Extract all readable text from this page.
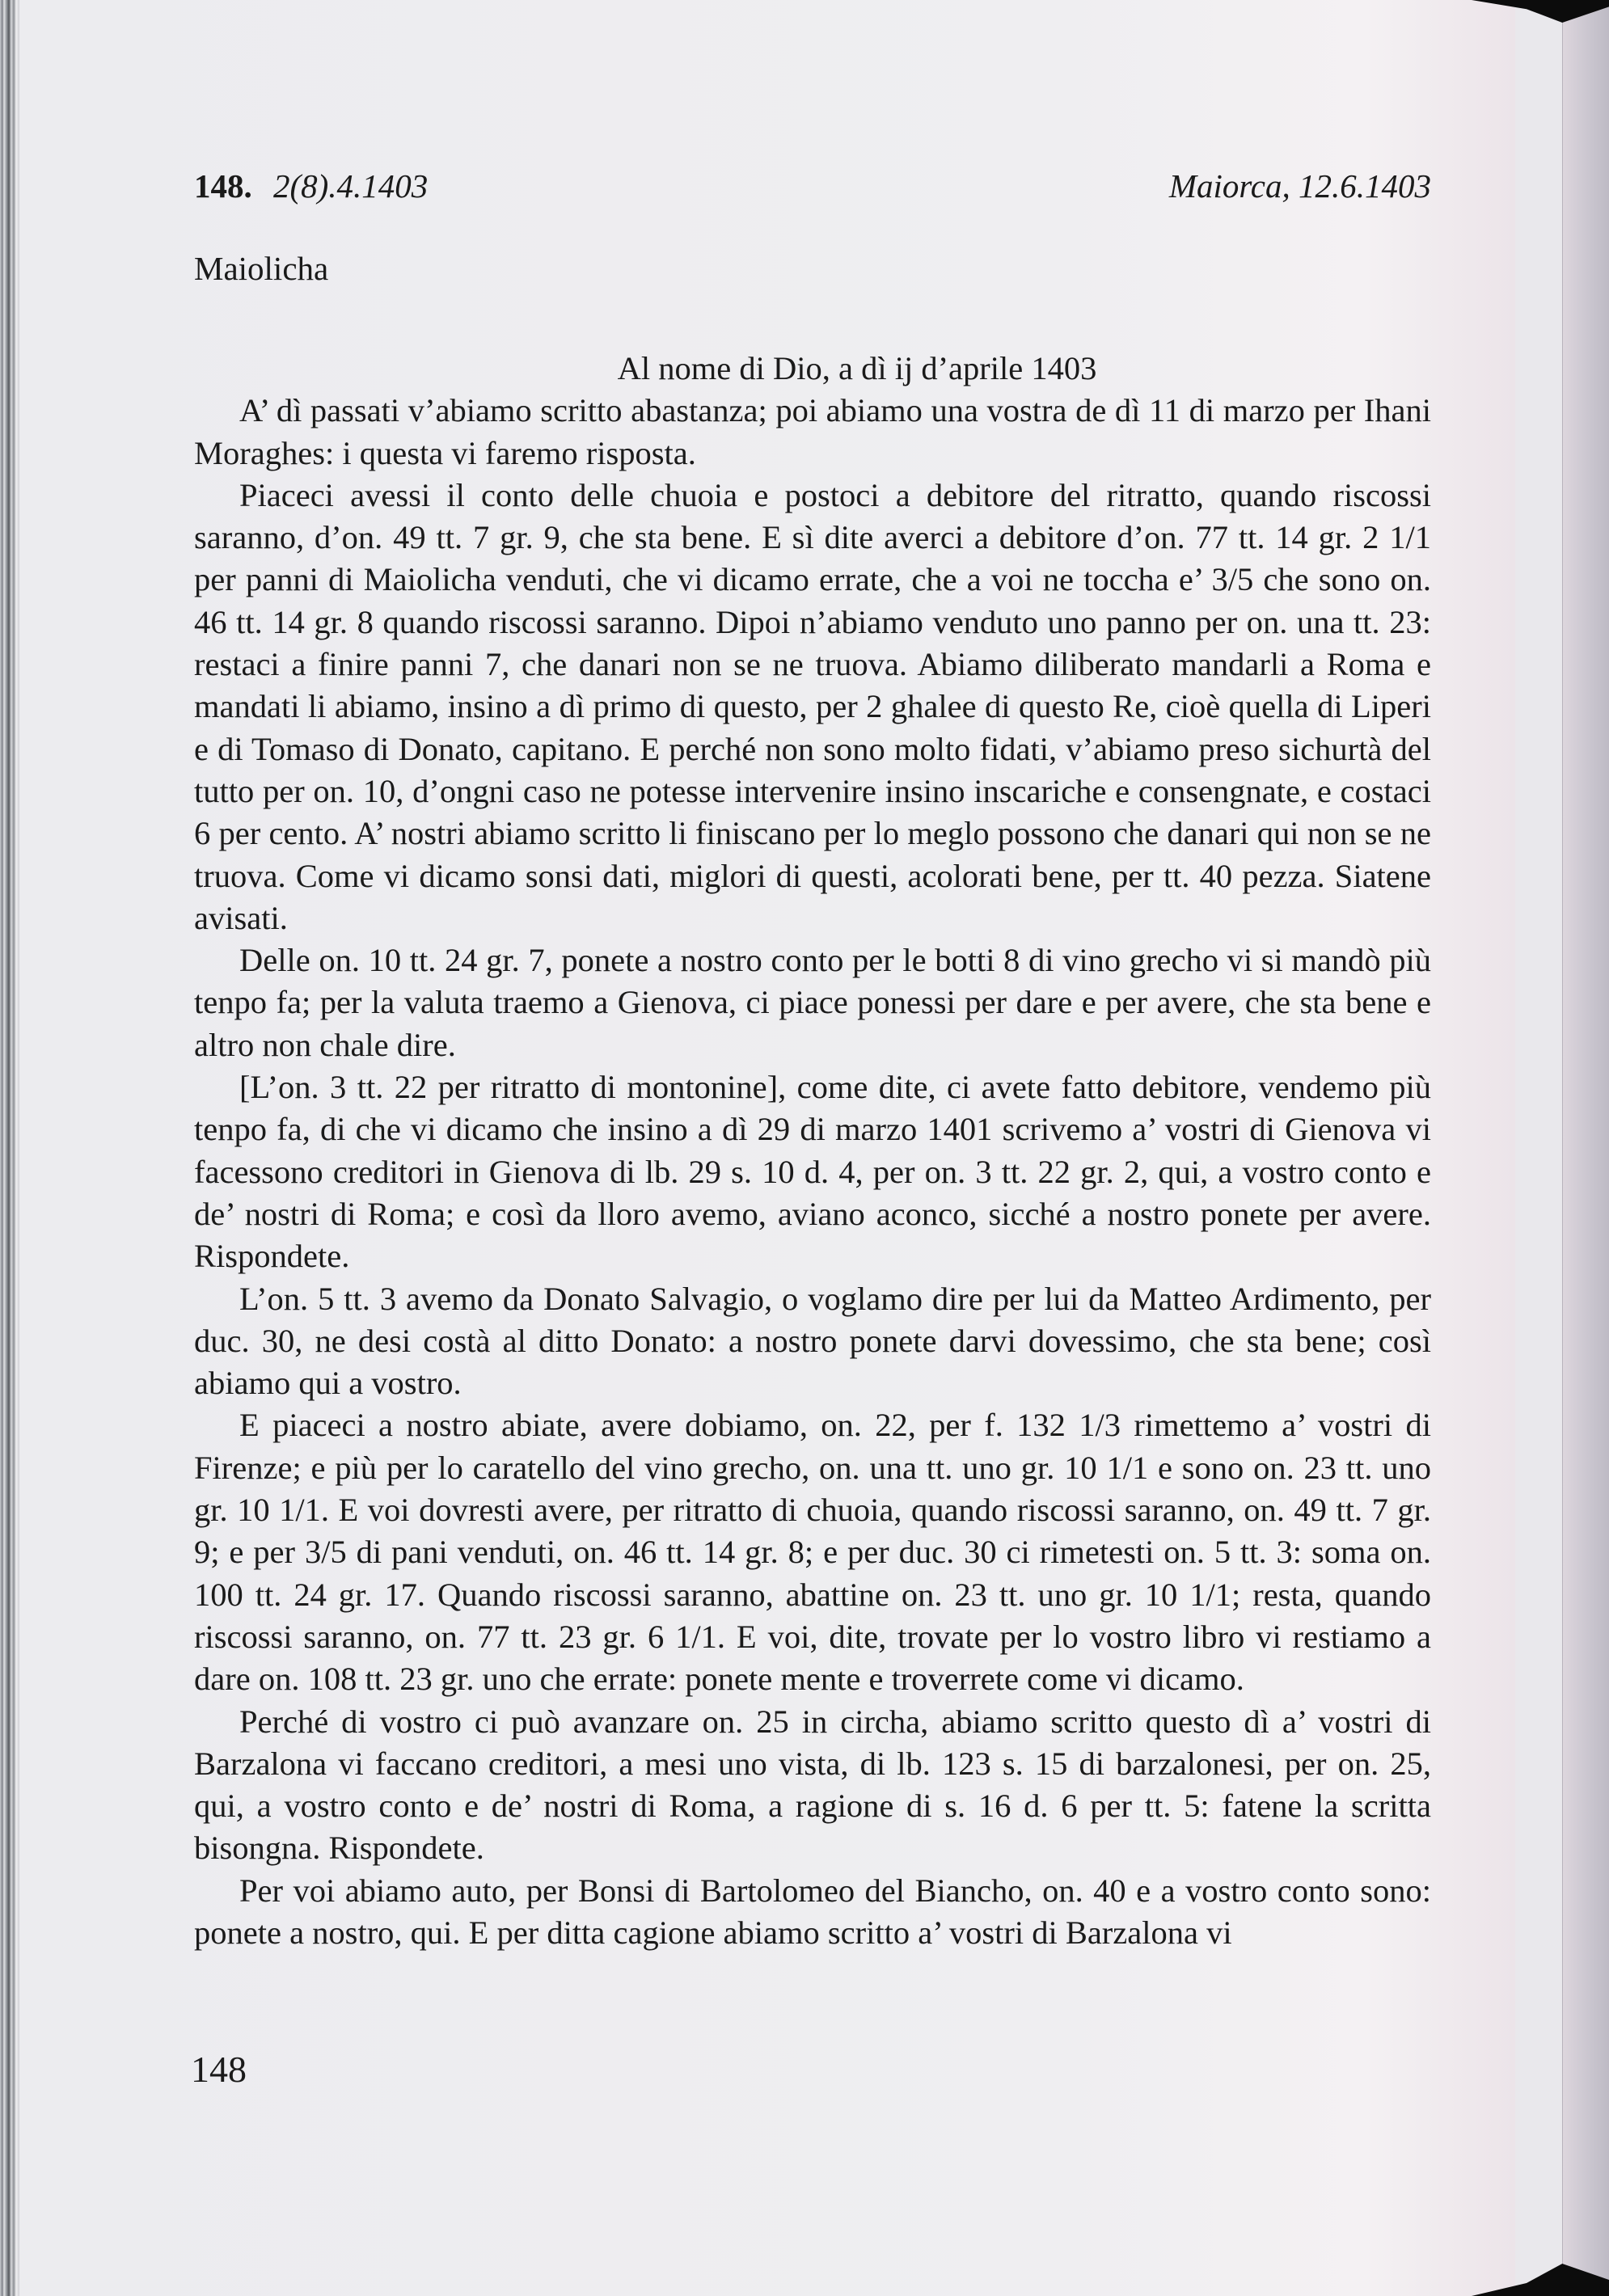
148. 2(8).4.1403	Maiorca, 12.6.1403
Maiolicha
Al nome di Dio, a dì ij d’aprile 1403

A’ dì passati v’abiamo scritto abastanza; poi abiamo una vostra de dì 11 di marzo per Ihani Moraghes: i questa vi faremo risposta.

Piaceci avessi il conto delle chuoia e postoci a debitore del ritratto, quando riscossi saranno, d’on. 49 tt. 7 gr. 9, che sta bene. E sì dite averci a debitore d’on. 77 tt. 14 gr. 2 1/1 per panni di Maiolicha venduti, che vi dicamo errate, che a voi ne toccha e’ 3/5 che sono on. 46 tt. 14 gr. 8 quando riscossi saranno. Dipoi n’abiamo venduto uno panno per on. una tt. 23: restaci a finire panni 7, che danari non se ne truova. Abiamo diliberato mandarli a Roma e mandati li abiamo, insino a dì primo di questo, per 2 ghalee di questo Re, cioè quella di Liperi e di Tomaso di Donato, capitano. E perché non sono molto fidati, v’abiamo preso sichurtà del tutto per on. 10, d’ongni caso ne potesse intervenire insino inscariche e consengnate, e costaci 6 per cento. A’ nostri abiamo scritto li finiscano per lo meglo possono che danari qui non se ne truova. Come vi dicamo sonsi dati, miglori di questi, acolorati bene, per tt. 40 pezza. Siatene avisati.

Delle on. 10 tt. 24 gr. 7, ponete a nostro conto per le botti 8 di vino grecho vi si mandò più tenpo fa; per la valuta traemo a Gienova, ci piace ponessi per dare e per avere, che sta bene e altro non chale dire.

[L’on. 3 tt. 22 per ritratto di montonine], come dite, ci avete fatto debitore, vendemo più tenpo fa, di che vi dicamo che insino a dì 29 di marzo 1401 scrivemo a’ vostri di Gienova vi facessono creditori in Gienova di lb. 29 s. 10 d. 4, per on. 3 tt. 22 gr. 2, qui, a vostro conto e de’ nostri di Roma; e così da lloro avemo, aviano aconco, sicché a nostro ponete per avere. Rispondete.

L’on. 5 tt. 3 avemo da Donato Salvagio, o voglamo dire per lui da Matteo Ardimento, per duc. 30, ne desi costà al ditto Donato: a nostro ponete darvi dovessimo, che sta bene; così abiamo qui a vostro.

E piaceci a nostro abiate, avere dobiamo, on. 22, per f. 132 1/3 rimettemo a’ vostri di Firenze; e più per lo caratello del vino grecho, on. una tt. uno gr. 10 1/1 e sono on. 23 tt. uno gr. 10 1/1. E voi dovresti avere, per ritratto di chuoia, quando riscossi saranno, on. 49 tt. 7 gr. 9; e per 3/5 di pani venduti, on. 46 tt. 14 gr. 8; e per duc. 30 ci rimetesti on. 5 tt. 3: soma on. 100 tt. 24 gr. 17. Quando riscossi saranno, abattine on. 23 tt. uno gr. 10 1/1; resta, quando riscossi saranno, on. 77 tt. 23 gr. 6 1/1. E voi, dite, trovate per lo vostro libro vi restiamo a dare on. 108 tt. 23 gr. uno che errate: ponete mente e troverrete come vi dicamo.

Perché di vostro ci può avanzare on. 25 in circha, abiamo scritto questo dì a’ vostri di Barzalona vi faccano creditori, a mesi uno vista, di lb. 123 s. 15 di barzalonesi, per on. 25, qui, a vostro conto e de’ nostri di Roma, a ragione di s. 16 d. 6 per tt. 5: fatene la scritta bisongna. Rispondete.

Per voi abiamo auto, per Bonsi di Bartolomeo del Biancho, on. 40 e a vostro conto sono: ponete a nostro, qui. E per ditta cagione abiamo scritto a’ vostri di Barzalona vi

148
